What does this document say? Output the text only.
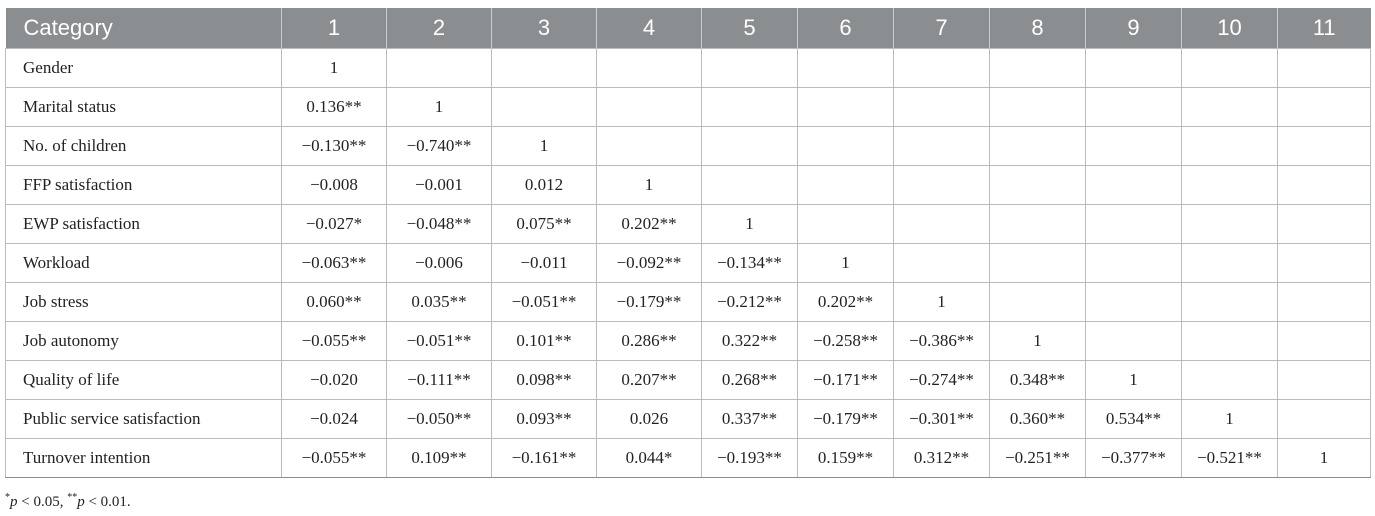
Category	1	2	3	4	5	6	7	8	9	10	11
Gender	1										
Marital status	0.136**	1									
No. of children	−0.130**	−0.740**	1								
FFP satisfaction	−0.008	−0.001	0.012	1							
EWP satisfaction	−0.027*	−0.048**	0.075**	0.202**	1						
Workload	−0.063**	−0.006	−0.011	−0.092**	−0.134**	1					
Job stress	0.060**	0.035**	−0.051**	−0.179**	−0.212**	0.202**	1				
Job autonomy	−0.055**	−0.051**	0.101**	0.286**	0.322**	−0.258**	−0.386**	1			
Quality of life	−0.020	−0.111**	0.098**	0.207**	0.268**	−0.171**	−0.274**	0.348**	1		
Public service satisfaction	−0.024	−0.050**	0.093**	0.026	0.337**	−0.179**	−0.301**	0.360**	0.534**	1	
Turnover intention	−0.055**	0.109**	−0.161**	0.044*	−0.193**	0.159**	0.312**	−0.251**	−0.377**	−0.521**	1
*p < 0.05, **p < 0.01.
